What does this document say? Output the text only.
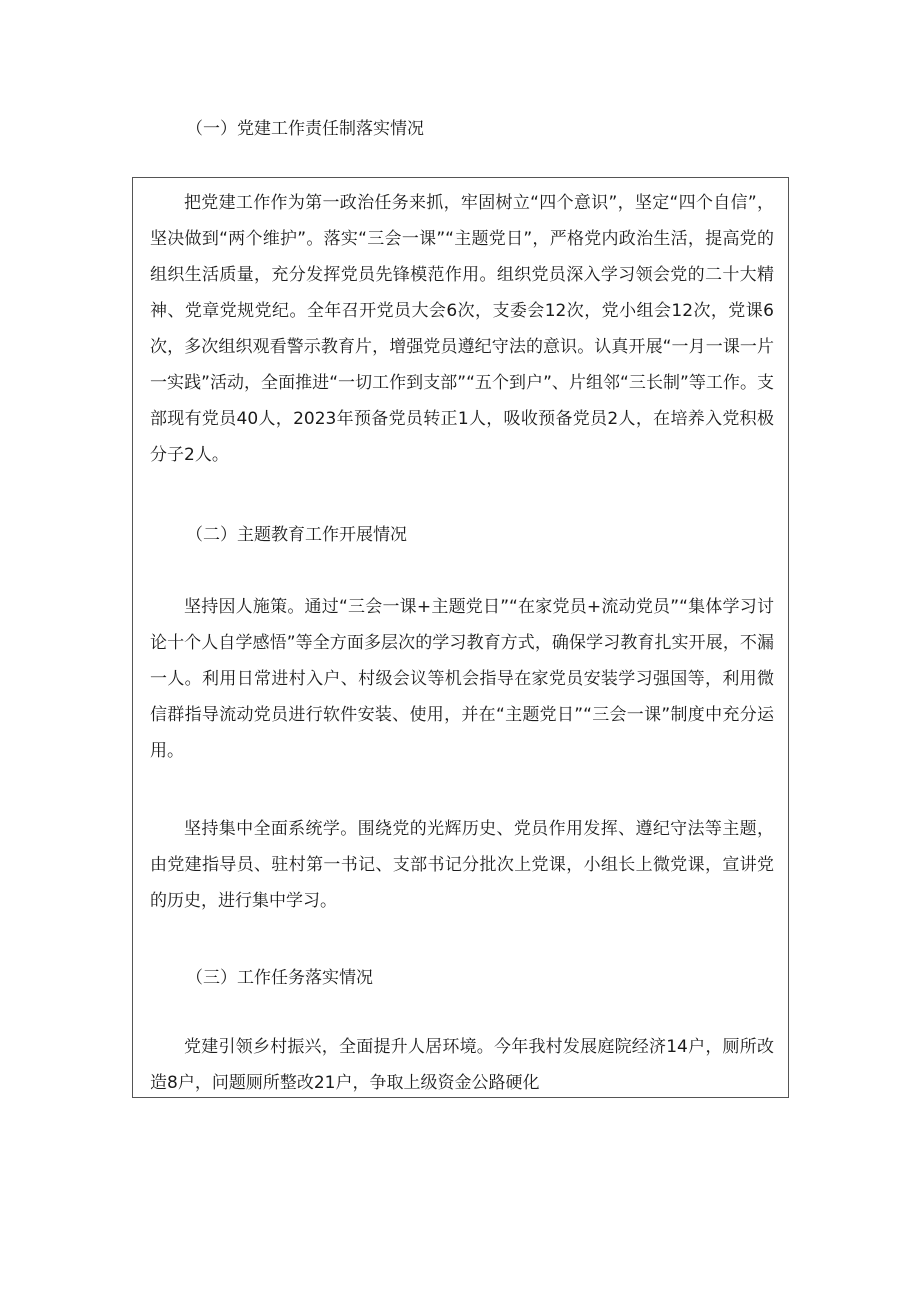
（一）党建工作责任制落实情况

把党建工作作为第一政治任务来抓，牢固树立“四个意识”，坚定“四个自信”，坚决做到“两个维护”。落实“三会一课”“主题党日”，严格党内政治生活，提高党的组织生活质量，充分发挥党员先锋模范作用。组织党员深入学习领会党的二十大精神、党章党规党纪。全年召开党员大会6次，支委会12次，党小组会12次，党课6次，多次组织观看警示教育片，增强党员遵纪守法的意识。认真开展“一月一课一片一实践”活动，全面推进“一切工作到支部”“五个到户”、片组邻“三长制”等工作。支部现有党员40人，2023年预备党员转正1人，吸收预备党员2人，在培养入党积极分子2人。

（二）主题教育工作开展情况

坚持因人施策。通过“三会一课+主题党日”“在家党员+流动党员”“集体学习讨论十个人自学感悟”等全方面多层次的学习教育方式，确保学习教育扎实开展，不漏一人。利用日常进村入户、村级会议等机会指导在家党员安装学习强国等，利用微信群指导流动党员进行软件安装、使用，并在“主题党日”“三会一课”制度中充分运用。

坚持集中全面系统学。围绕党的光辉历史、党员作用发挥、遵纪守法等主题，由党建指导员、驻村第一书记、支部书记分批次上党课，小组长上微党课，宣讲党的历史，进行集中学习。

（三）工作任务落实情况

党建引领乡村振兴，全面提升人居环境。今年我村发展庭院经济14户，厕所改造8户，问题厕所整改21户，争取上级资金公路硬化
